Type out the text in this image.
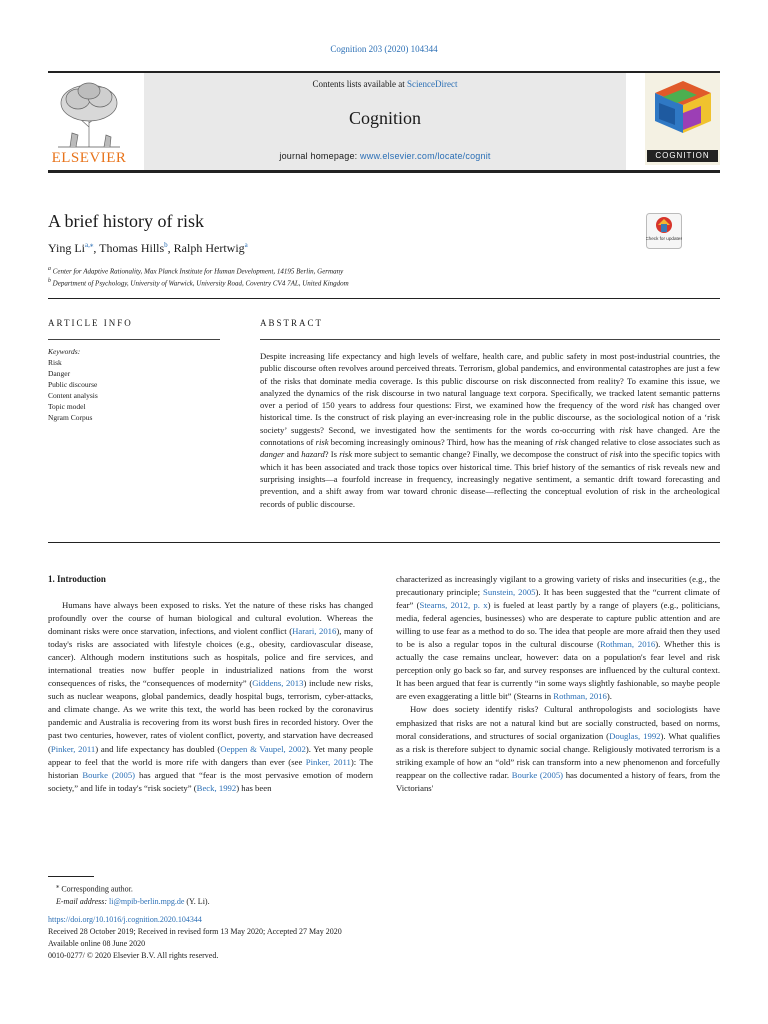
Cognition 203 (2020) 104344
ELSEVIER
Contents lists available at ScienceDirect
Cognition
journal homepage: www.elsevier.com/locate/cognit	COGNITION
A brief history of risk
Ying $Li^{a,⁎}$, Thomas Hills$^b$, Ralph Hertwig$^a$
Check for updates
$^a$ Center for Adaptive Rationality, Max Planck Institute for Human Development, 14195 Berlin, Germany
$^b$ Department of Psychology, University of Warwick, University Road, Coventry CV4 7AL, United Kingdom
ARTICLE INFO
Keywords:
Risk
Danger
Public discourse
Content analysis
Topic model
Ngram Corpus
ABSTRACT
Despite increasing life expectancy and high levels of welfare, health care, and public safety in most post-industrial countries, the public discourse often revolves around perceived threats. Terrorism, global pandemics, and environmental catastrophes are just a few of the risks that dominate media coverage. Is this public discourse on risk disconnected from reality? To examine this issue, we analyzed the dynamics of the risk discourse in two natural language text corpora. Specifically, we tracked latent semantic patterns over a period of 150 years to address four questions: First, we examined how the frequency of the word risk has changed over historical time. Is the construct of risk playing an ever-increasing role in the public discourse, as the sociological notion of a ‘risk society’ suggests? Second, we investigated how the sentiments for the words co-occurring with risk have changed. Are the connotations of risk becoming increasingly ominous? Third, how has the meaning of risk changed relative to close associates such as danger and hazard? Is risk more subject to semantic change? Finally, we decompose the construct of risk into the specific topics with which it has been associated and track those topics over historical time. This brief history of the semantics of risk reveals new and surprising insights—a fourfold increase in frequency, increasingly negative sentiment, a semantic drift toward forecasting and prevention, and a shift away from war toward chronic disease—reflecting the conceptual evolution of risk in the archeological records of public discourse.
1. Introduction

Humans have always been exposed to risks. Yet the nature of these risks has changed profoundly over the course of human biological and cultural evolution. Whereas the dominant risks were once starvation, infections, and violent conflict (Harari, 2016), many of today's risks are associated with lifestyle choices (e.g., obesity, cardiovascular disease, cancer). Although modern institutions such as hospitals, police and fire services, and international treaties now buffer people in industrialized nations from the worst consequences of risks, the “consequences of modernity” (Giddens, 2013) include new risks, such as nuclear weapons, global pandemics, deadly hospital bugs, terrorism, cyber-attacks, and climate change. As we write this text, the world has been rocked by the coronavirus pandemic and Australia is recovering from its worst bush fires in recorded history. Over the past two centuries, however, rates of violent conflict, poverty, and starvation have decreased (Pinker, 2011) and life expectancy has doubled (Oeppen & Vaupel, 2002). Yet many people appear to feel that the world is more rife with dangers than ever (see Pinker, 2011): The historian Bourke (2005) has argued that “fear is the most pervasive emotion of modern society,” and life in today's “risk society” (Beck, 1992) has been

characterized as increasingly vigilant to a growing variety of risks and insecurities (e.g., the precautionary principle; Sunstein, 2005). It has been suggested that the “current climate of fear” (Stearns, 2012, p. x) is fueled at least partly by a range of players (e.g., politicians, media, federal agencies, businesses) who are desperate to capture public attention and are willing to use fear as a method to do so. The idea that people are more afraid then they used to be is also a regular topos in the cultural discourse (Rothman, 2016). Whether this is actually the case remains unclear, however: data on a population's fear level and risk perception only go back so far, and survey responses are influenced by the cultural context. It has been argued that fear is currently “in some ways slightly fashionable, so maybe people are even exaggerating a little bit” (Stearns in Rothman, 2016).

How does society identify risks? Cultural anthropologists and sociologists have emphasized that risks are not a natural kind but are socially constructed, based on norms, moral considerations, and structures of social organization (Douglas, 1992). What qualifies as a risk is therefore subject to dynamic social change. Religiously motivated terrorism is a striking example of how an “old” risk can transform into a new phenomenon and forcefully reappear on the collective radar. Bourke (2005) has documented a history of fears, from the Victorians'

⁎ Corresponding author.
E-mail address: li@mpib-berlin.mpg.de (Y. Li).
https://doi.org/10.1016/j.cognition.2020.104344
Received 28 October 2019; Received in revised form 13 May 2020; Accepted 27 May 2020
Available online 08 June 2020
0010-0277/ © 2020 Elsevier B.V. All rights reserved.
